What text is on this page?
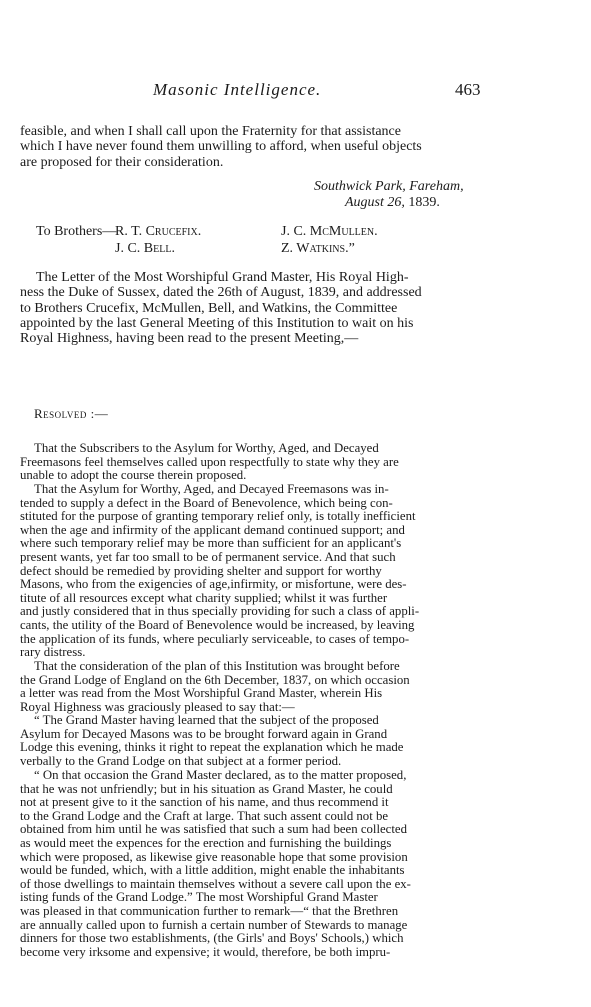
Masonic Intelligence.	463

feasible, and when I shall call upon the Fraternity for that assistance
which I have never found them unwilling to afford, when useful objects
are proposed for their consideration.

Southwick Park, Fareham,
August 26, 1839.
To Brothers—
R. T. Crucefix.	J. C. McMullen.
J. C. Bell.	Z. Watkins.”

The Letter of the Most Worshipful Grand Master, His Royal High-
ness the Duke of Sussex, dated the 26th of August, 1839, and addressed
to Brothers Crucefix, McMullen, Bell, and Watkins, the Committee
appointed by the last General Meeting of this Institution to wait on his
Royal Highness, having been read to the present Meeting,—

Resolved :—

That the Subscribers to the Asylum for Worthy, Aged, and Decayed
Freemasons feel themselves called upon respectfully to state why they are
unable to adopt the course therein proposed.

That the Asylum for Worthy, Aged, and Decayed Freemasons was in-
tended to supply a defect in the Board of Benevolence, which being con-
stituted for the purpose of granting temporary relief only, is totally inefficient
when the age and infirmity of the applicant demand continued support; and
where such temporary relief may be more than sufficient for an applicant's
present wants, yet far too small to be of permanent service. And that such
defect should be remedied by providing shelter and support for worthy
Masons, who from the exigencies of age,infirmity, or misfortune, were des-
titute of all resources except what charity supplied; whilst it was further
and justly considered that in thus specially providing for such a class of appli-
cants, the utility of the Board of Benevolence would be increased, by leaving
the application of its funds, where peculiarly serviceable, to cases of tempo-
rary distress.

That the consideration of the plan of this Institution was brought before
the Grand Lodge of England on the 6th December, 1837, on which occasion
a letter was read from the Most Worshipful Grand Master, wherein His
Royal Highness was graciously pleased to say that:—

“ The Grand Master having learned that the subject of the proposed
Asylum for Decayed Masons was to be brought forward again in Grand
Lodge this evening, thinks it right to repeat the explanation which he made
verbally to the Grand Lodge on that subject at a former period.

“ On that occasion the Grand Master declared, as to the matter proposed,
that he was not unfriendly; but in his situation as Grand Master, he could
not at present give to it the sanction of his name, and thus recommend it
to the Grand Lodge and the Craft at large. That such assent could not be
obtained from him until he was satisfied that such a sum had been collected
as would meet the expences for the erection and furnishing the buildings
which were proposed, as likewise give reasonable hope that some provision
would be funded, which, with a little addition, might enable the inhabitants
of those dwellings to maintain themselves without a severe call upon the ex-
isting funds of the Grand Lodge.” The most Worshipful Grand Master
was pleased in that communication further to remark—“ that the Brethren
are annually called upon to furnish a certain number of Stewards to manage
dinners for those two establishments, (the Girls' and Boys' Schools,) which
become very irksome and expensive; it would, therefore, be both impru-
